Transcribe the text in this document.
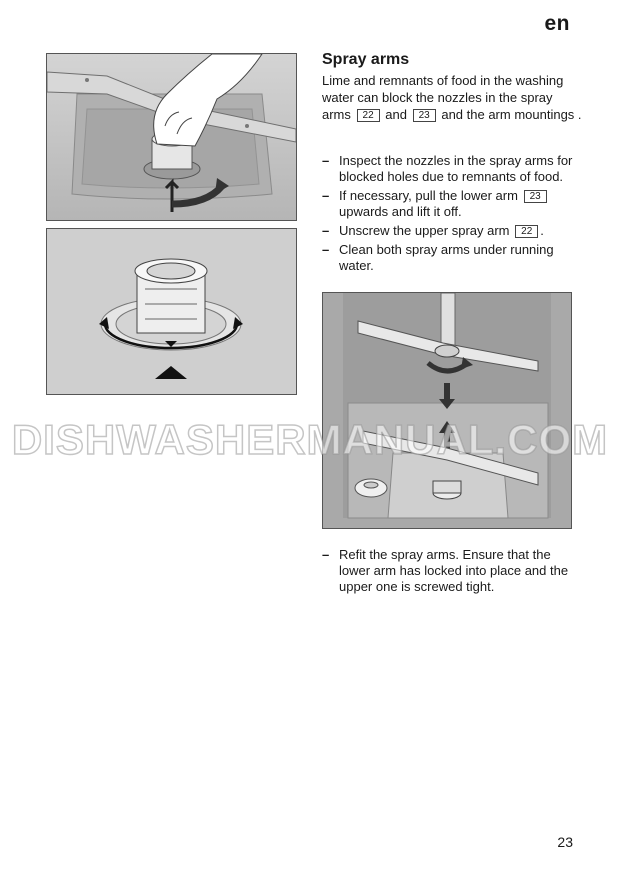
en
Spray arms
Lime and remnants of food in the washing water can block the nozzles in the spray arms 22 and 23 and the arm mountings .
– Inspect the nozzles in the spray arms for blocked holes due to remnants of food.
– If necessary, pull the lower arm 23 upwards and lift it off.
– Unscrew the upper spray arm 22 .
– Clean both spray arms under running water.
– Refit the spray arms. Ensure that the lower arm has locked into place and the upper one is screwed tight.
DISHWASHERMANUAL.COM
23
